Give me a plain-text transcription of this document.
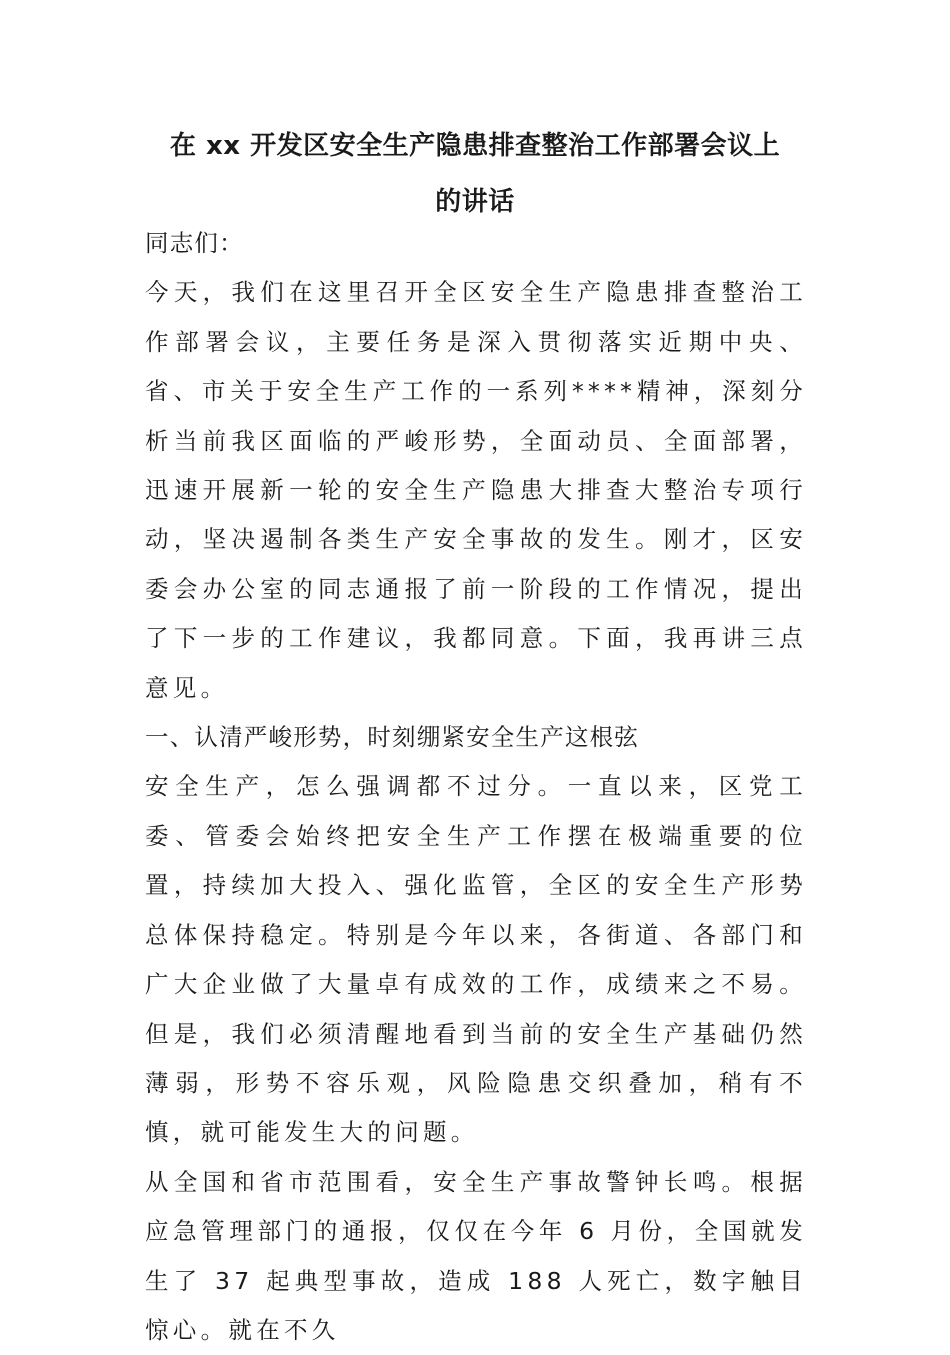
在 xx 开发区安全生产隐患排查整治工作部署会议上
的讲话

同志们：

今天，我们在这里召开全区安全生产隐患排查整治工作部署会议，主要任务是深入贯彻落实近期中央、省、市关于安全生产工作的一系列****精神，深刻分析当前我区面临的严峻形势，全面动员、全面部署，迅速开展新一轮的安全生产隐患大排查大整治专项行动，坚决遏制各类生产安全事故的发生。刚才，区安委会办公室的同志通报了前一阶段的工作情况，提出了下一步的工作建议，我都同意。下面，我再讲三点意见。

一、认清严峻形势，时刻绷紧安全生产这根弦

安全生产，怎么强调都不过分。一直以来，区党工委、管委会始终把安全生产工作摆在极端重要的位置，持续加大投入、强化监管，全区的安全生产形势总体保持稳定。特别是今年以来，各街道、各部门和广大企业做了大量卓有成效的工作，成绩来之不易。但是，我们必须清醒地看到当前的安全生产基础仍然薄弱，形势不容乐观，风险隐患交织叠加，稍有不慎，就可能发生大的问题。

从全国和省市范围看，安全生产事故警钟长鸣。根据应急管理部门的通报，仅仅在今年 6 月份，全国就发生了 37 起典型事故，造成 188 人死亡，数字触目惊心。就在不久
